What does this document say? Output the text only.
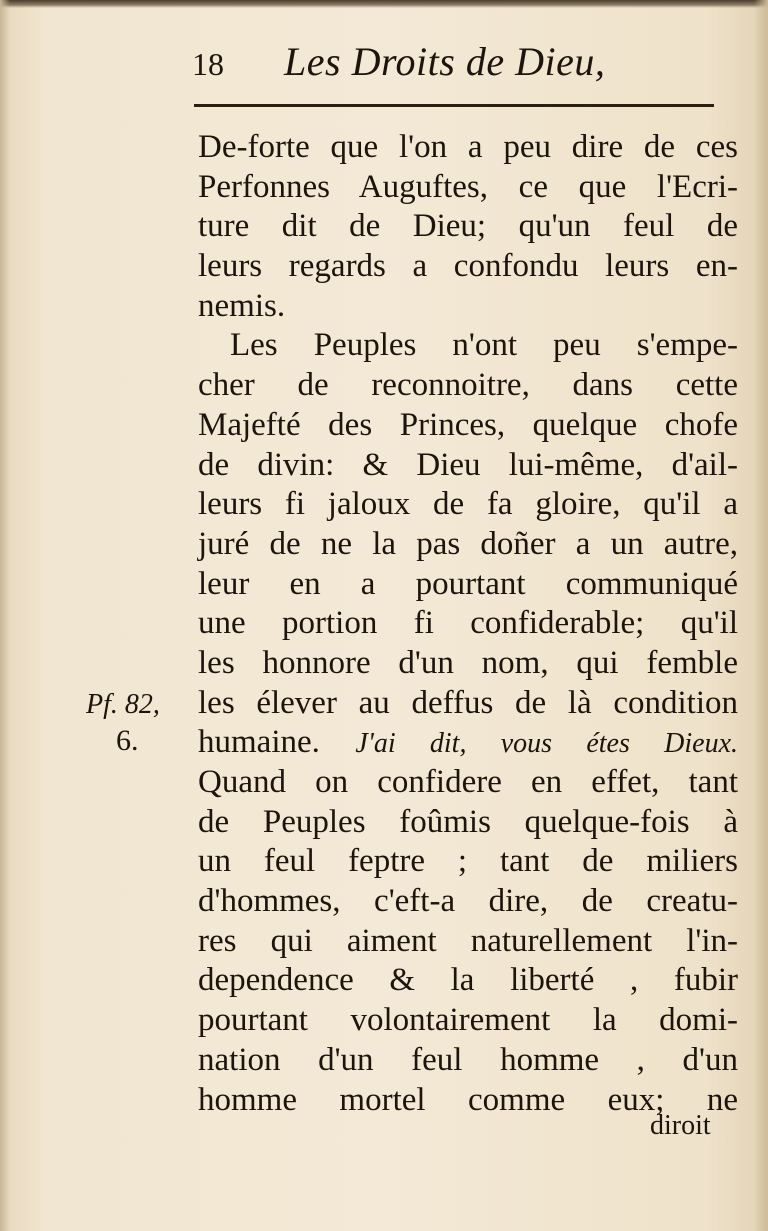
18 Les Droits de Dieu,
De-forte que l'on a peu dire de ces
Perfonnes Auguftes, ce que l'Ecri-
ture dit de Dieu; qu'un feul de
leurs regards a confondu leurs en-
nemis.
Les Peuples n'ont peu s'empe-
cher de reconnoitre, dans cette
Majefté des Princes, quelque chofe
de divin: & Dieu lui-même, d'ail-
leurs fi jaloux de fa gloire, qu'il a
juré de ne la pas doñer a un autre,
leur en a pourtant communiqué
une portion fi confiderable; qu'il
les honnore d'un nom, qui femble
les élever au deffus de là condition
humaine. J'ai dit, vous étes Dieux.
Quand on confidere en effet, tant
de Peuples foûmis quelque-fois à
un feul feptre ; tant de miliers
d'hommes, c'eft-a dire, de creatu-
res qui aiment naturellement l'in-
dependence & la liberté , fubir
pourtant volontairement la domi-
nation d'un feul homme , d'un
homme mortel comme eux; ne
Pf. 82,
6.
diroit
